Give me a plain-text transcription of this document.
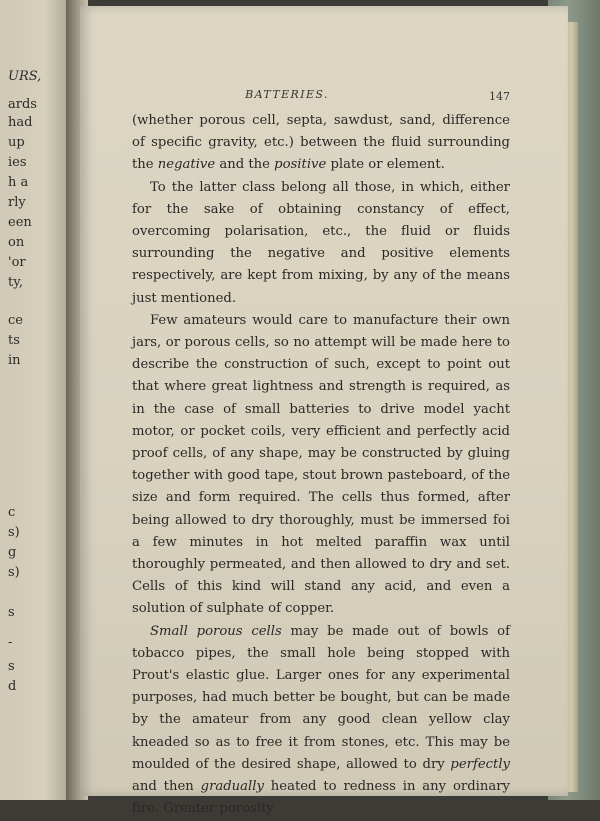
URS,
ards
had
up
ies
h a
rly
een
on
'or
ty,
ce
ts
in
c
s)
g
s)
s
-
s
d
BATTERIES.	147

(whether porous cell, septa, sawdust, sand, difference of specific gravity, etc.) between the fluid surrounding the negative and the positive plate or element.

To the latter class belong all those, in which, either for the sake of obtaining constancy of effect, overcoming polarisation, etc., the fluid or fluids surrounding the negative and positive elements respectively, are kept from mixing, by any of the means just mentioned.

Few amateurs would care to manufacture their own jars, or porous cells, so no attempt will be made here to describe the construction of such, except to point out that where great lightness and strength is required, as in the case of small batteries to drive model yacht motor, or pocket coils, very efficient and perfectly acid proof cells, of any shape, may be constructed by gluing together with good tape, stout brown pasteboard, of the size and form required. The cells thus formed, after being allowed to dry thoroughly, must be immersed foi a few minutes in hot melted paraffin wax until thoroughly permeated, and then allowed to dry and set. Cells of this kind will stand any acid, and even a solution of sulphate of copper.

Small porous cells may be made out of bowls of tobacco pipes, the small hole being stopped with Prout's elastic glue. Larger ones for any experimental purposes, had much better be bought, but can be made by the amateur from any good clean yellow clay kneaded so as to free it from stones, etc. This may be moulded of the desired shape, allowed to dry perfectly and then gradually heated to redness in any ordinary fire. Greater porosity
